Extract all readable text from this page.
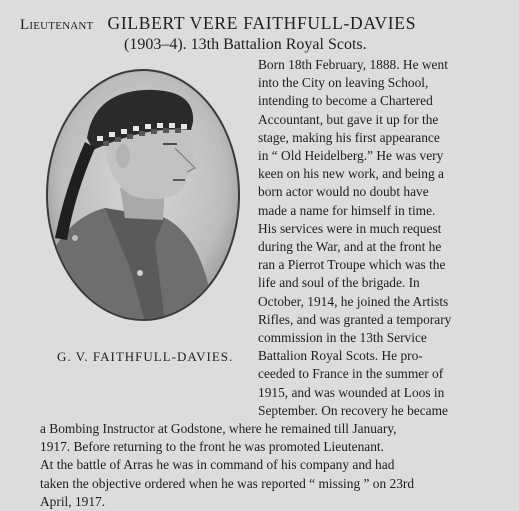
Lieutenant GILBERT VERE FAITHFULL-DAVIES
(1903–4). 13th Battalion Royal Scots.
G. V. FAITHFULL-DAVIES.
Born 18th February, 1888. He went
into the City on leaving School,
intending to become a Chartered
Accountant, but gave it up for the
stage, making his first appearance
in “ Old Heidelberg.” He was very
keen on his new work, and being a
born actor would no doubt have
made a name for himself in time.
His services were in much request
during the War, and at the front he
ran a Pierrot Troupe which was the
life and soul of the brigade. In
October, 1914, he joined the Artists
Rifles, and was granted a temporary
commission in the 13th Service
Battalion Royal Scots. He pro-
ceeded to France in the summer of
1915, and was wounded at Loos in
September. On recovery he became
a Bombing Instructor at Godstone, where he remained till January,
1917. Before returning to the front he was promoted Lieutenant.
At the battle of Arras he was in command of his company and had
taken the objective ordered when he was reported “ missing ” on 23rd
April, 1917.
